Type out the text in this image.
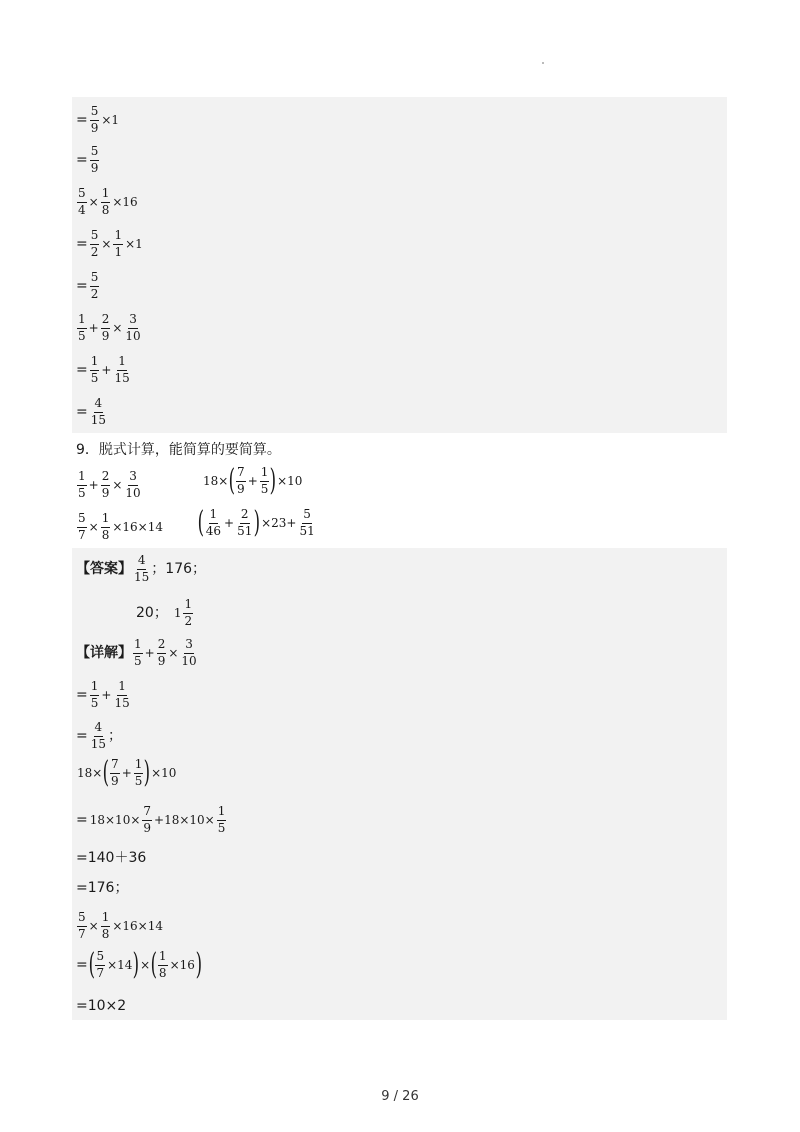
= $\frac{5}{9} \times 1$
= $\frac{5}{9}$
$\frac{5}{4} \times \frac{1}{8} \times 16$
= $\frac{5}{2} \times \frac{1}{1} \times 1$
= $\frac{5}{2}$
$\frac{1}{5} + \frac{2}{9} \times \frac{3}{10}$
= $\frac{1}{5} + \frac{1}{15}$
= $\frac{4}{15}$
9．脱式计算，能简算的要简算。
$\frac{1}{5} + \frac{2}{9} \times \frac{3}{10}$	18× ( $\frac{7}{9} + \frac{1}{5}$ ) ×10
$\frac{5}{7} \times \frac{1}{8} \times 16\times 14$ ( $\frac{1}{46} + \frac{2}{51}$ ) $\times 23+ \frac{5}{51}$
【答案】 $\frac{4}{15}$ ；176；
20； $1 \frac{1}{2}$
【详解】 $\frac{1}{5} + \frac{2}{9} \times \frac{3}{10}$
= $\frac{1}{5} + \frac{1}{15}$
= $\frac{4}{15}$ ；
18× ( $\frac{7}{9} + \frac{1}{5}$ ) ×10
= $18\times 10\times \frac{7}{9} +18\times 10\times \frac{1}{5}$
=140＋36
=176；
$\frac{5}{7} \times \frac{1}{8} \times 16\times 14$
= ( $\frac{5}{7} \times 14$ ) × ( $\frac{1}{8} \times 16$ )
=10×2
9 / 26
